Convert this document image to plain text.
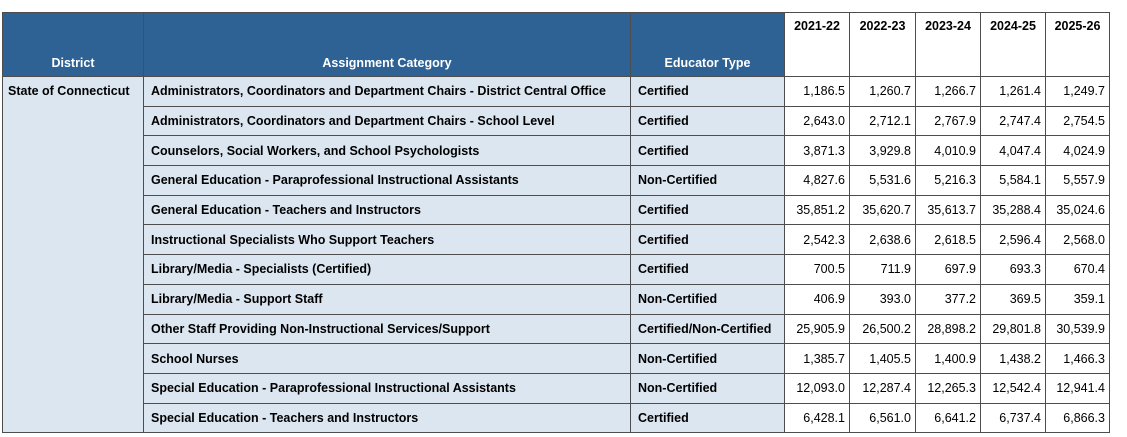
District	Assignment Category	Educator Type	2021-22	2022-23	2023-24	2024-25	2025-26
State of Connecticut	Administrators, Coordinators and Department Chairs - District Central Office	Certified	1,186.5	1,260.7	1,266.7	1,261.4	1,249.7
	Administrators, Coordinators and Department Chairs - School Level	Certified	2,643.0	2,712.1	2,767.9	2,747.4	2,754.5
	Counselors, Social Workers, and School Psychologists	Certified	3,871.3	3,929.8	4,010.9	4,047.4	4,024.9
	General Education - Paraprofessional Instructional Assistants	Non-Certified	4,827.6	5,531.6	5,216.3	5,584.1	5,557.9
	General Education - Teachers and Instructors	Certified	35,851.2	35,620.7	35,613.7	35,288.4	35,024.6
	Instructional Specialists Who Support Teachers	Certified	2,542.3	2,638.6	2,618.5	2,596.4	2,568.0
	Library/Media - Specialists (Certified)	Certified	700.5	711.9	697.9	693.3	670.4
	Library/Media - Support Staff	Non-Certified	406.9	393.0	377.2	369.5	359.1
	Other Staff Providing Non-Instructional Services/Support	Certified/Non-Certified	25,905.9	26,500.2	28,898.2	29,801.8	30,539.9
	School Nurses	Non-Certified	1,385.7	1,405.5	1,400.9	1,438.2	1,466.3
	Special Education - Paraprofessional Instructional Assistants	Non-Certified	12,093.0	12,287.4	12,265.3	12,542.4	12,941.4
	Special Education - Teachers and Instructors	Certified	6,428.1	6,561.0	6,641.2	6,737.4	6,866.3
